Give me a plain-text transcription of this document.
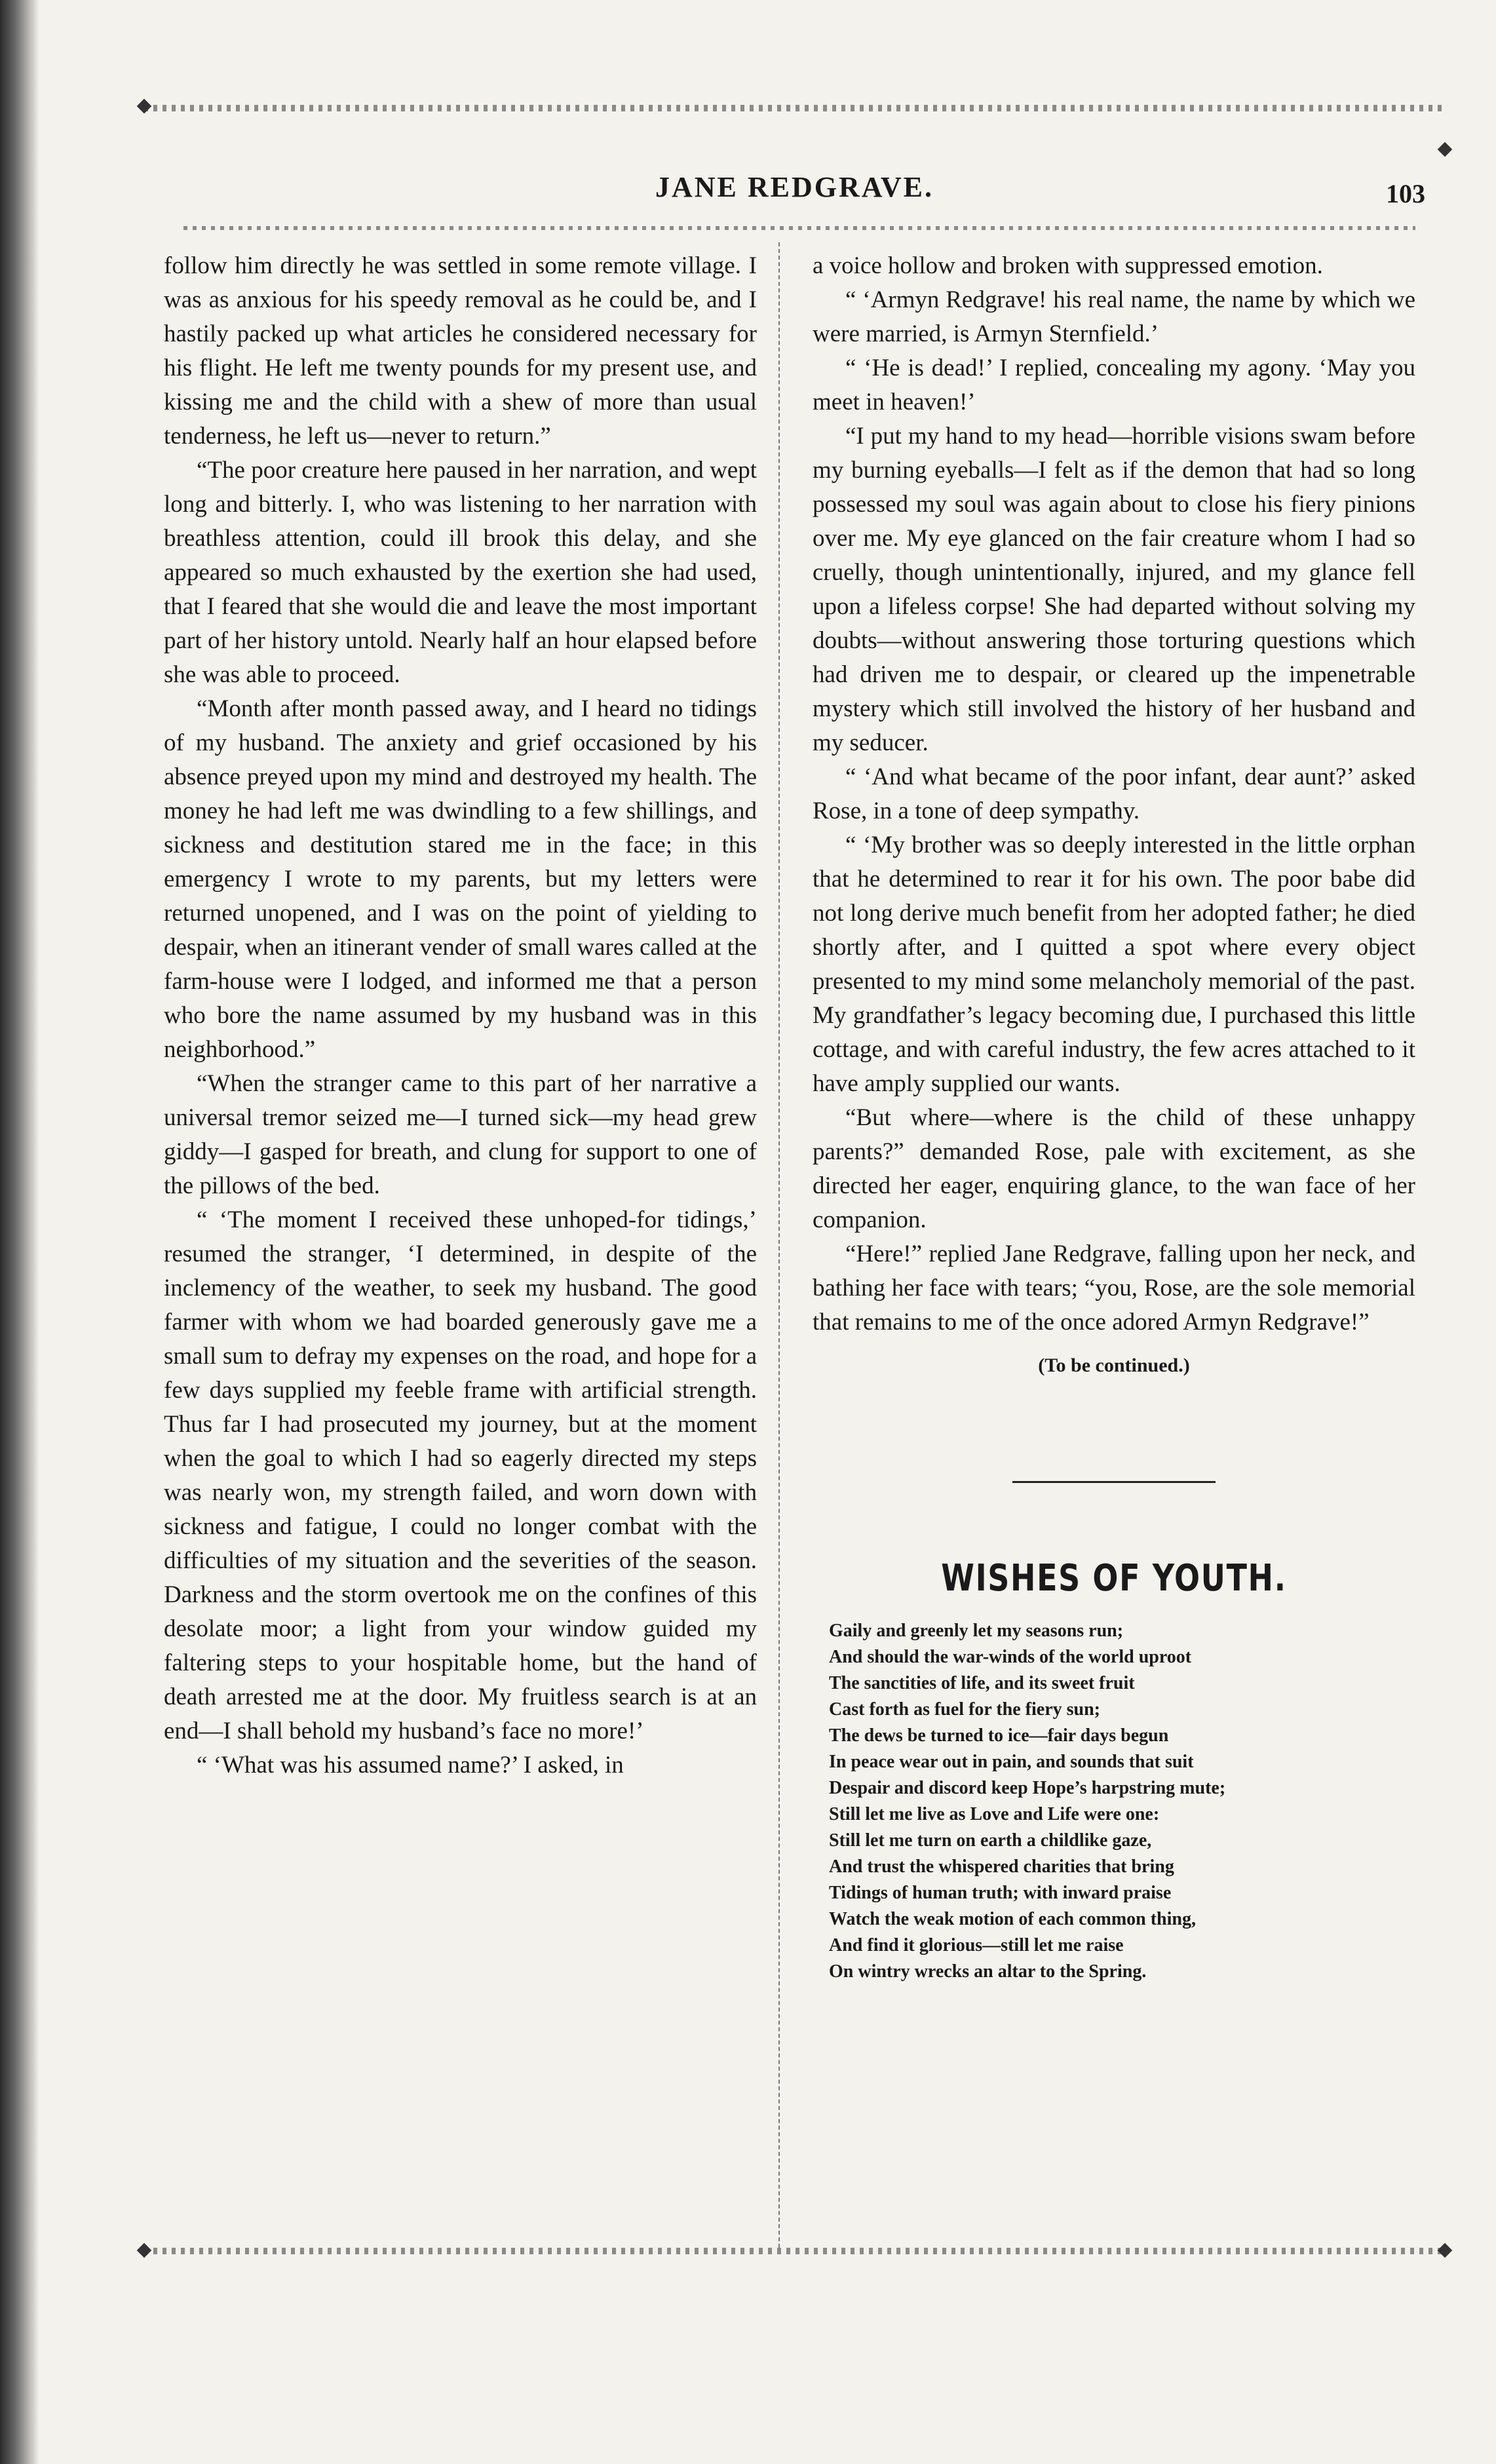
JANE REDGRAVE.	103

follow him directly he was settled in some remote village. I was as anxious for his speedy removal as he could be, and I hastily packed up what articles he considered necessary for his flight. He left me twenty pounds for my present use, and kissing me and the child with a shew of more than usual tenderness, he left us—never to return.”

“The poor creature here paused in her narration, and wept long and bitterly. I, who was listening to her narration with breathless attention, could ill brook this delay, and she appeared so much exhausted by the exertion she had used, that I feared that she would die and leave the most important part of her history untold. Nearly half an hour elapsed before she was able to proceed.

“Month after month passed away, and I heard no tidings of my husband. The anxiety and grief occasioned by his absence preyed upon my mind and destroyed my health. The money he had left me was dwindling to a few shillings, and sickness and destitution stared me in the face; in this emergency I wrote to my parents, but my letters were returned unopened, and I was on the point of yielding to despair, when an itinerant vender of small wares called at the farm-house were I lodged, and informed me that a person who bore the name assumed by my husband was in this neighborhood.”

“When the stranger came to this part of her narrative a universal tremor seized me—I turned sick—my head grew giddy—I gasped for breath, and clung for support to one of the pillows of the bed.

“ ‘The moment I received these unhoped-for tidings,’ resumed the stranger, ‘I determined, in despite of the inclemency of the weather, to seek my husband. The good farmer with whom we had boarded generously gave me a small sum to defray my expenses on the road, and hope for a few days supplied my feeble frame with artificial strength. Thus far I had prosecuted my journey, but at the moment when the goal to which I had so eagerly directed my steps was nearly won, my strength failed, and worn down with sickness and fatigue, I could no longer combat with the difficulties of my situation and the severities of the season. Darkness and the storm overtook me on the confines of this desolate moor; a light from your window guided my faltering steps to your hospitable home, but the hand of death arrested me at the door. My fruitless search is at an end—I shall behold my husband’s face no more!’

“ ‘What was his assumed name?’ I asked, in

a voice hollow and broken with suppressed emotion.

“ ‘Armyn Redgrave! his real name, the name by which we were married, is Armyn Sternfield.’

“ ‘He is dead!’ I replied, concealing my agony. ‘May you meet in heaven!’

“I put my hand to my head—horrible visions swam before my burning eyeballs—I felt as if the demon that had so long possessed my soul was again about to close his fiery pinions over me. My eye glanced on the fair creature whom I had so cruelly, though unintentionally, injured, and my glance fell upon a lifeless corpse! She had departed without solving my doubts—without answering those torturing questions which had driven me to despair, or cleared up the impenetrable mystery which still involved the history of her husband and my seducer.

“ ‘And what became of the poor infant, dear aunt?’ asked Rose, in a tone of deep sympathy.

“ ‘My brother was so deeply interested in the little orphan that he determined to rear it for his own. The poor babe did not long derive much benefit from her adopted father; he died shortly after, and I quitted a spot where every object presented to my mind some melancholy memorial of the past. My grandfather’s legacy becoming due, I purchased this little cottage, and with careful industry, the few acres attached to it have amply supplied our wants.

“But where—where is the child of these unhappy parents?” demanded Rose, pale with excitement, as she directed her eager, enquiring glance, to the wan face of her companion.

“Here!” replied Jane Redgrave, falling upon her neck, and bathing her face with tears; “you, Rose, are the sole memorial that remains to me of the once adored Armyn Redgrave!”

(To be continued.)
WISHES OF YOUTH.
Gaily and greenly let my seasons run;
And should the war-winds of the world uproot
The sanctities of life, and its sweet fruit
Cast forth as fuel for the fiery sun;
The dews be turned to ice—fair days begun
In peace wear out in pain, and sounds that suit
Despair and discord keep Hope’s harpstring mute;
Still let me live as Love and Life were one:
Still let me turn on earth a childlike gaze,
And trust the whispered charities that bring
Tidings of human truth; with inward praise
Watch the weak motion of each common thing,
And find it glorious—still let me raise
On wintry wrecks an altar to the Spring.
